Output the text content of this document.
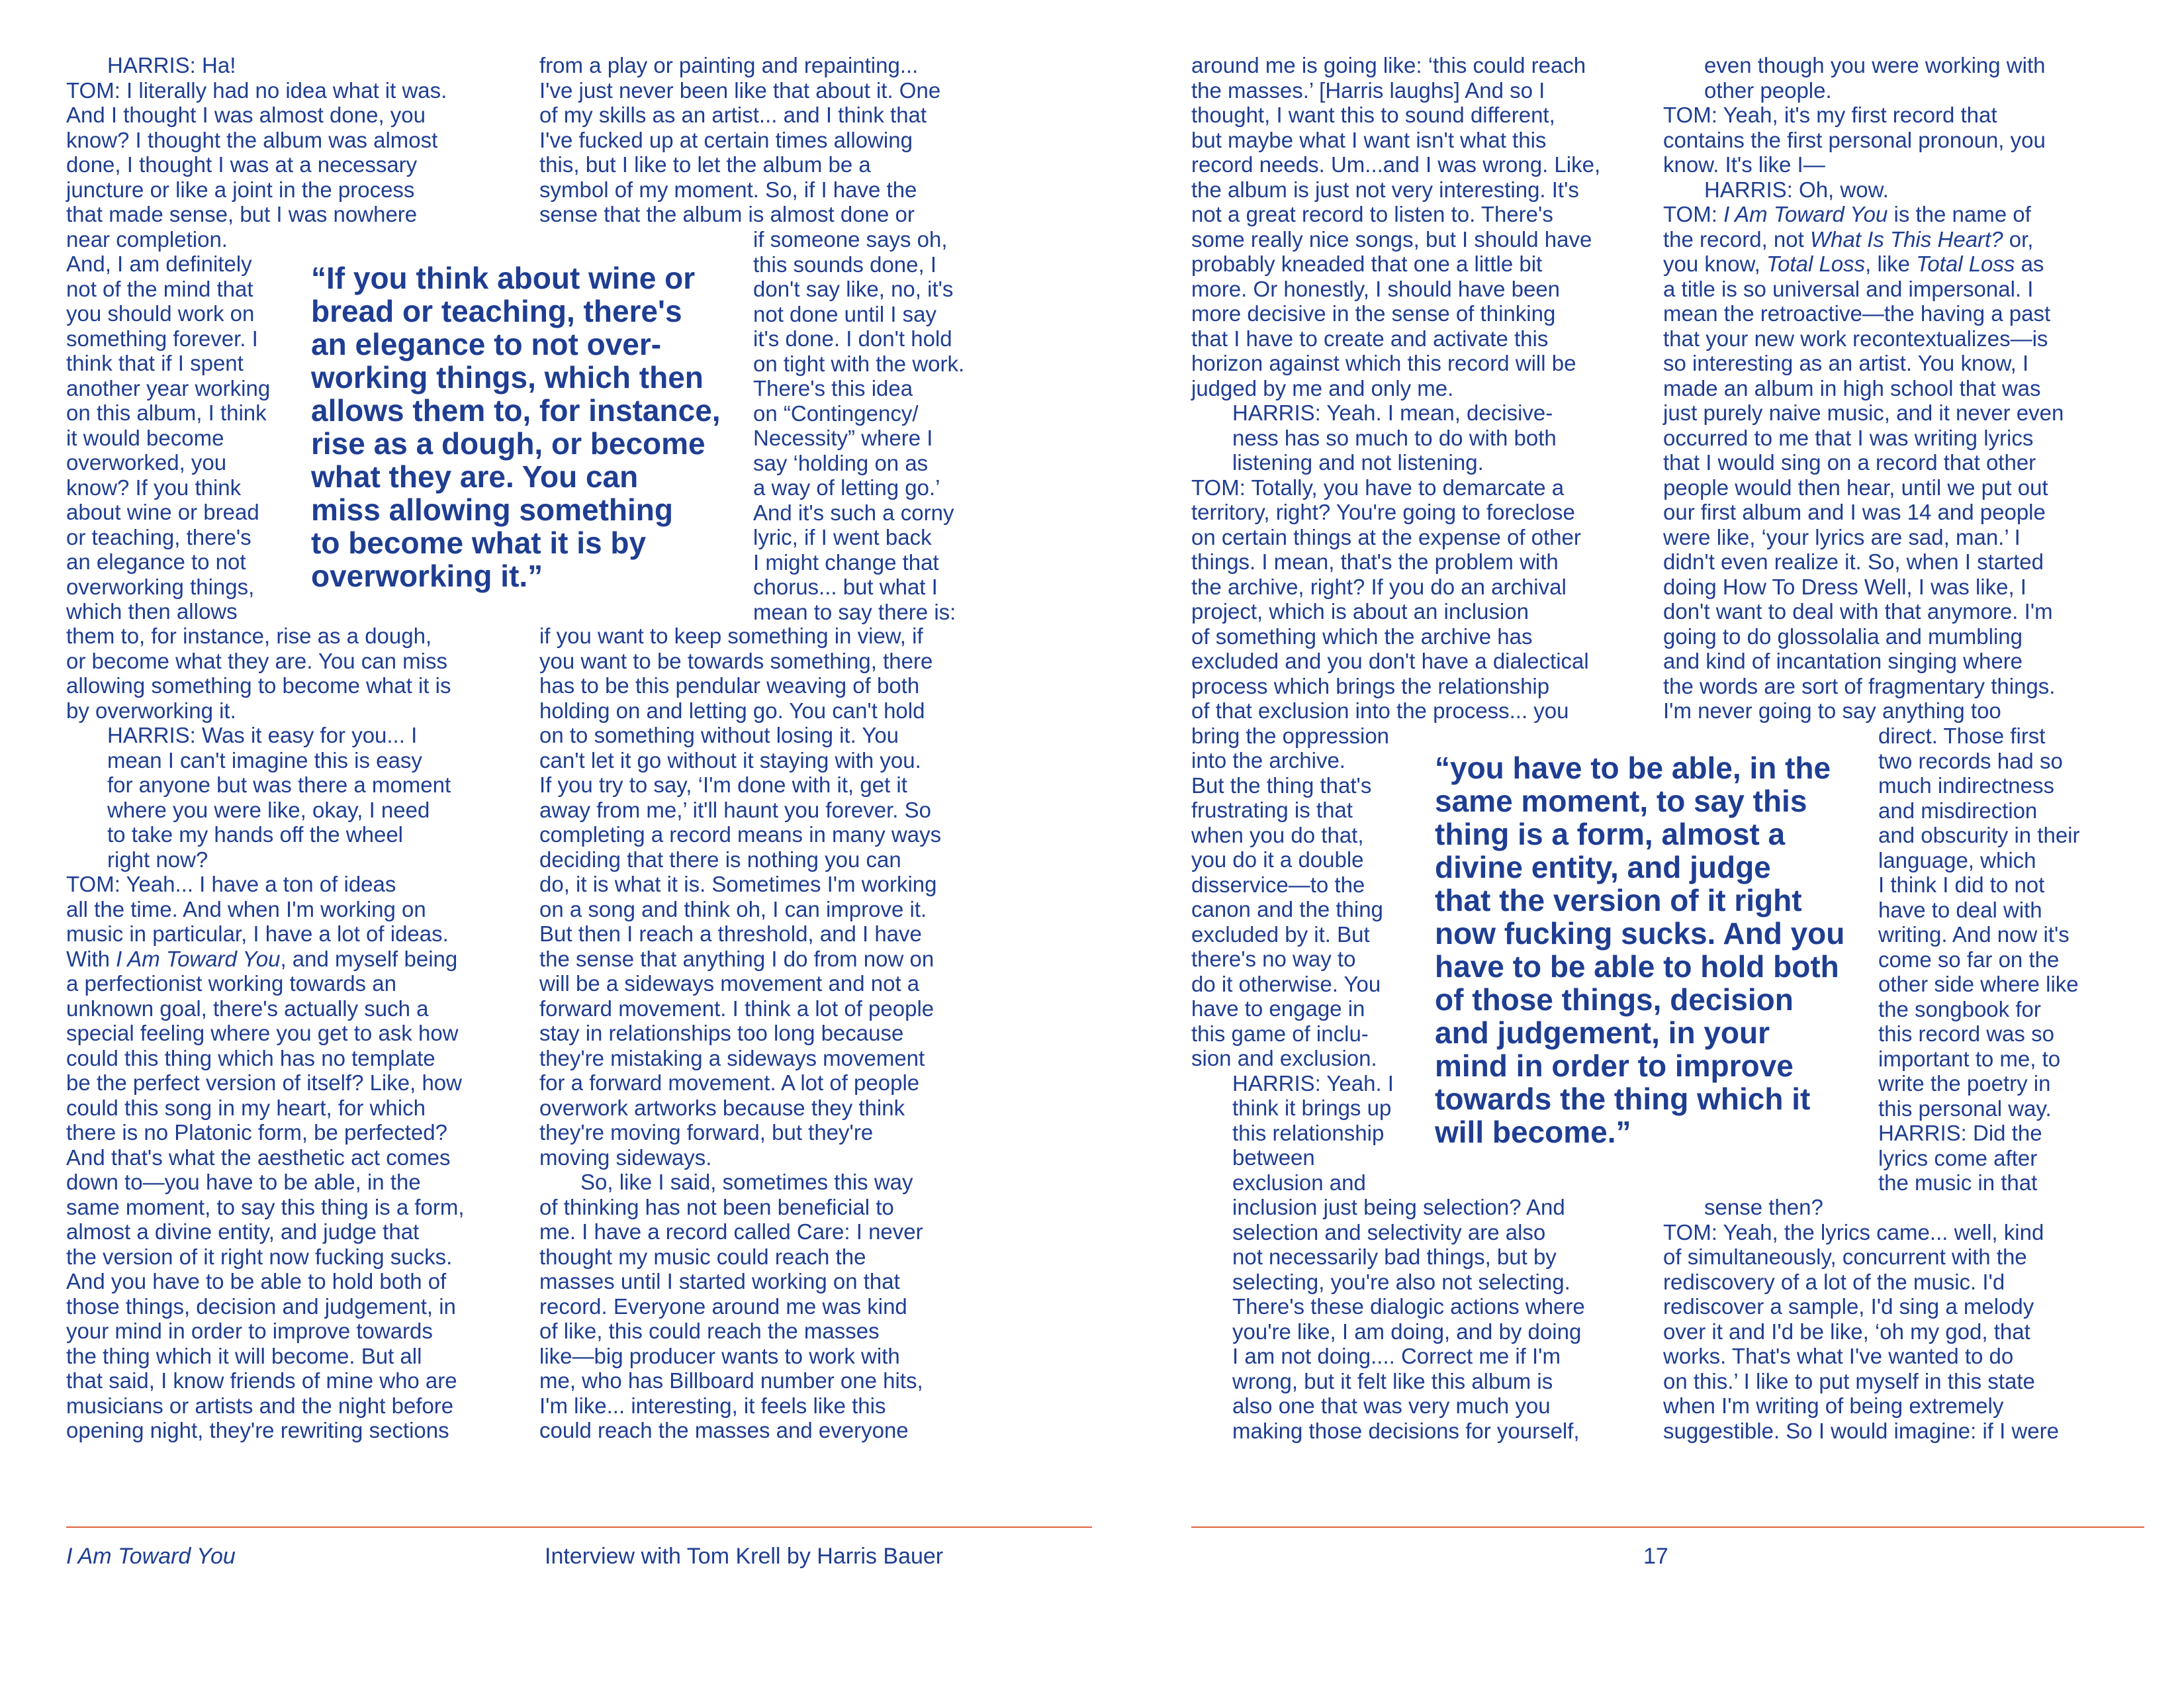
HARRIS: Ha!

TOM: I literally had no idea what it was.
And I thought I was almost done, you
know? I thought the album was almost
done, I thought I was at a necessary
juncture or like a joint in the process
that made sense, but I was nowhere
near completion.

And, I am definitely
not of the mind that
you should work on
something forever. I
think that if I spent
another year working
on this album, I think
it would become
overworked, you
know? If you think
about wine or bread
or teaching, there's
an elegance to not
overworking things,
which then allows

them to, for instance, rise as a dough,
or become what they are. You can miss
allowing something to become what it is
by overworking it.

HARRIS: Was it easy for you... I
mean I can't imagine this is easy
for anyone but was there a moment
where you were like, okay, I need
to take my hands off the wheel
right now?

TOM: Yeah... I have a ton of ideas
all the time. And when I'm working on
music in particular, I have a lot of ideas.
With I Am Toward You, and myself being
a perfectionist working towards an
unknown goal, there's actually such a
special feeling where you get to ask how
could this thing which has no template
be the perfect version of itself? Like, how
could this song in my heart, for which
there is no Platonic form, be perfected?
And that's what the aesthetic act comes
down to—you have to be able, in the
same moment, to say this thing is a form,
almost a divine entity, and judge that
the version of it right now fucking sucks.
And you have to be able to hold both of
those things, decision and judgement, in
your mind in order to improve towards
the thing which it will become. But all
that said, I know friends of mine who are
musicians or artists and the night before
opening night, they're rewriting sections

from a play or painting and repainting...
I've just never been like that about it. One
of my skills as an artist... and I think that
I've fucked up at certain times allowing
this, but I like to let the album be a
symbol of my moment. So, if I have the
sense that the album is almost done or

if someone says oh,
this sounds done, I
don't say like, no, it's
not done until I say
it's done. I don't hold
on tight with the work.
There's this idea
on “Contingency/
Necessity” where I
say ‘holding on as
a way of letting go.’
And it's such a corny
lyric, if I went back
I might change that
chorus... but what I
mean to say there is:

if you want to keep something in view, if
you want to be towards something, there
has to be this pendular weaving of both
holding on and letting go. You can't hold
on to something without losing it. You
can't let it go without it staying with you.
If you try to say, ‘I'm done with it, get it
away from me,’ it'll haunt you forever. So
completing a record means in many ways
deciding that there is nothing you can
do, it is what it is. Sometimes I'm working
on a song and think oh, I can improve it.
But then I reach a threshold, and I have
the sense that anything I do from now on
will be a sideways movement and not a
forward movement. I think a lot of people
stay in relationships too long because
they're mistaking a sideways movement
for a forward movement. A lot of people
overwork artworks because they think
they're moving forward, but they're
moving sideways.

So, like I said, sometimes this way
of thinking has not been beneficial to
me. I have a record called Care: I never
thought my music could reach the
masses until I started working on that
record. Everyone around me was kind
of like, this could reach the masses
like—big producer wants to work with
me, who has Billboard number one hits,
I'm like... interesting, it feels like this
could reach the masses and everyone

“If you think about wine or
bread or teaching, there's
an elegance to not over-
working things, which then
allows them to, for instance,
rise as a dough, or become
what they are. You can
miss allowing something
to become what it is by
overworking it.”

I Am Toward You	Interview with Tom Krell by Harris Bauer

around me is going like: ‘this could reach
the masses.’ [Harris laughs] And so I
thought, I want this to sound different,
but maybe what I want isn't what this
record needs. Um...and I was wrong. Like,
the album is just not very interesting. It's
not a great record to listen to. There's
some really nice songs, but I should have
probably kneaded that one a little bit
more. Or honestly, I should have been
more decisive in the sense of thinking
that I have to create and activate this
horizon against which this record will be
judged by me and only me.

HARRIS: Yeah. I mean, decisive-
ness has so much to do with both
listening and not listening.

TOM: Totally, you have to demarcate a
territory, right? You're going to foreclose
on certain things at the expense of other
things. I mean, that's the problem with
the archive, right? If you do an archival
project, which is about an inclusion
of something which the archive has
excluded and you don't have a dialectical
process which brings the relationship
of that exclusion into the process... you
bring the oppression

into the archive.
But the thing that's
frustrating is that
when you do that,
you do it a double
disservice—to the
canon and the thing
excluded by it. But
there's no way to
do it otherwise. You
have to engage in
this game of inclu-
sion and exclusion.

HARRIS: Yeah. I
think it brings up
this relationship
between
exclusion and

inclusion just being selection? And
selection and selectivity are also
not necessarily bad things, but by
selecting, you're also not selecting.
There's these dialogic actions where
you're like, I am doing, and by doing
I am not doing.... Correct me if I'm
wrong, but it felt like this album is
also one that was very much you
making those decisions for yourself,

even though you were working with
other people.

TOM: Yeah, it's my first record that
contains the first personal pronoun, you
know. It's like I—

HARRIS: Oh, wow.

TOM: I Am Toward You is the name of
the record, not What Is This Heart? or,
you know, Total Loss, like Total Loss as
a title is so universal and impersonal. I
mean the retroactive—the having a past
that your new work recontextualizes—is
so interesting as an artist. You know, I
made an album in high school that was
just purely naive music, and it never even
occurred to me that I was writing lyrics
that I would sing on a record that other
people would then hear, until we put out
our first album and I was 14 and people
were like, ‘your lyrics are sad, man.’ I
didn't even realize it. So, when I started
doing How To Dress Well, I was like, I
don't want to deal with that anymore. I'm
going to do glossolalia and mumbling
and kind of incantation singing where
the words are sort of fragmentary things.
I'm never going to say anything too

direct. Those first
two records had so
much indirectness
and misdirection
and obscurity in their
language, which
I think I did to not
have to deal with
writing. And now it's
come so far on the
other side where like
the songbook for
this record was so
important to me, to
write the poetry in
this personal way.

HARRIS: Did the
lyrics come after
the music in that

sense then?

TOM: Yeah, the lyrics came... well, kind
of simultaneously, concurrent with the
rediscovery of a lot of the music. I'd
rediscover a sample, I'd sing a melody
over it and I'd be like, ‘oh my god, that
works. That's what I've wanted to do
on this.’ I like to put myself in this state
when I'm writing of being extremely
suggestible. So I would imagine: if I were

“you have to be able, in the
same moment, to say this
thing is a form, almost a
divine entity, and judge
that the version of it right
now fucking sucks. And you
have to be able to hold both
of those things, decision
and judgement, in your
mind in order to improve
towards the thing which it
will become.”

17
